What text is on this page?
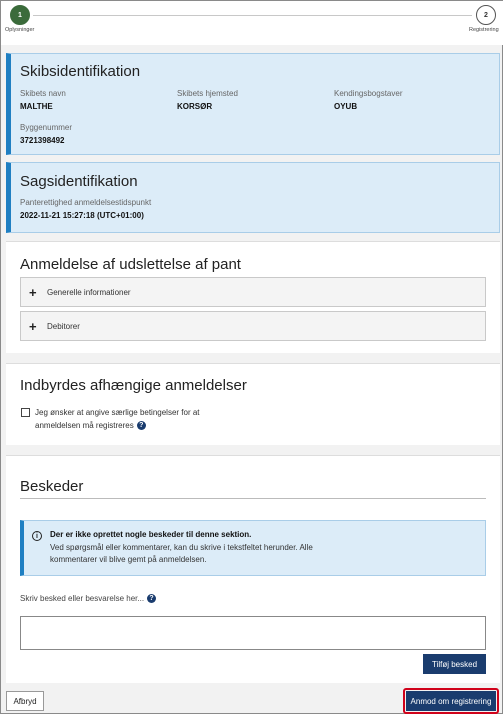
1
Oplysninger
2
Registrering
Skibsidentifikation
Skibets navn
MALTHE
Skibets hjemsted
KORSØR
Kendingsbogstaver
OYUB
Byggenummer
3721398492
Sagsidentifikation
Panterettighed anmeldelsestidspunkt
2022-11-21 15:27:18 (UTC+01:00)
Anmeldelse af udslettelse af pant
+	Generelle informationer
+	Debitorer
Indbyrdes afhængige anmeldelser
Jeg ønsker at angive særlige betingelser for at
anmeldelsen må registreres ?
Beskeder
i	Der er ikke oprettet nogle beskeder til denne sektion.
Ved spørgsmål eller kommentarer, kan du skrive i tekstfeltet herunder. Alle
kommentarer vil blive gemt på anmeldelsen.
Skriv besked eller besvarelse her... ?
Tilføj besked
Afbryd	Anmod om registrering
